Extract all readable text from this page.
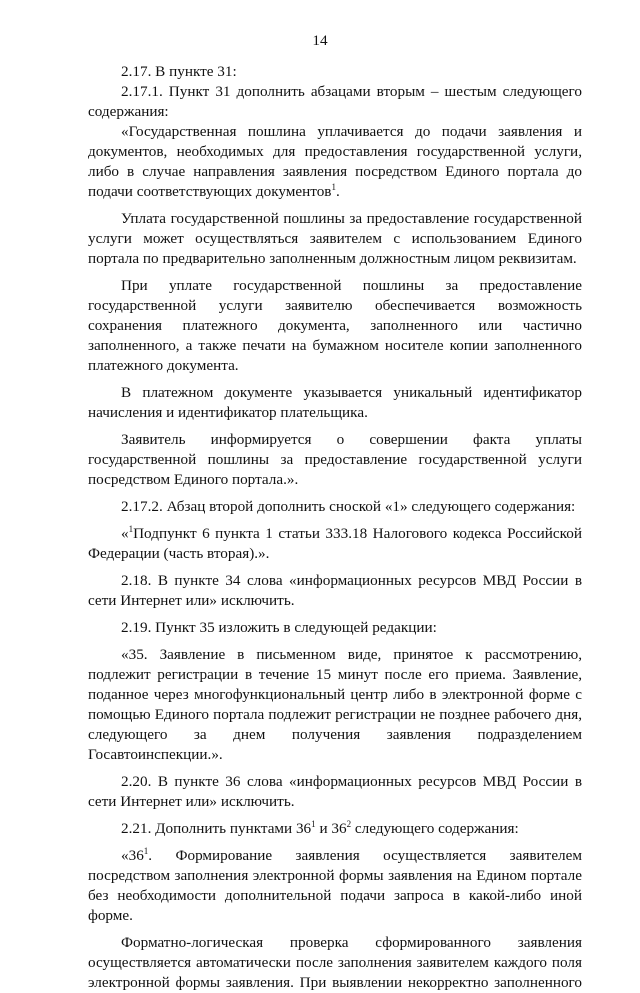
14

2.17. В пункте 31:

2.17.1. Пункт 31 дополнить абзацами вторым – шестым следующего содержания:

«Государственная пошлина уплачивается до подачи заявления и документов, необходимых для предоставления государственной услуги, либо в случае направления заявления посредством Единого портала до подачи соответствующих документов$^1$.

Уплата государственной пошлины за предоставление государственной услуги может осуществляться заявителем с использованием Единого портала по предварительно заполненным должностным лицом реквизитам.

При уплате государственной пошлины за предоставление государственной услуги заявителю обеспечивается возможность сохранения платежного документа, заполненного или частично заполненного, а также печати на бумажном носителе копии заполненного платежного документа.

В платежном документе указывается уникальный идентификатор начисления и идентификатор плательщика.

Заявитель информируется о совершении факта уплаты государственной пошлины за предоставление государственной услуги посредством Единого портала.».

2.17.2. Абзац второй дополнить сноской «1» следующего содержания:

«$^1$Подпункт 6 пункта 1 статьи 333.18 Налогового кодекса Российской Федерации (часть вторая).».

2.18. В пункте 34 слова «информационных ресурсов МВД России в сети Интернет или» исключить.

2.19. Пункт 35 изложить в следующей редакции:

«35. Заявление в письменном виде, принятое к рассмотрению, подлежит регистрации в течение 15 минут после его приема. Заявление, поданное через многофункциональный центр либо в электронной форме с помощью Единого портала подлежит регистрации не позднее рабочего дня, следующего за днем получения заявления подразделением Госавтоинспекции.».

2.20. В пункте 36 слова «информационных ресурсов МВД России в сети Интернет или» исключить.

2.21. Дополнить пунктами $36^1$ и $36^2$ следующего содержания:

«$36^1$. Формирование заявления осуществляется заявителем посредством заполнения электронной формы заявления на Едином портале без необходимости дополнительной подачи запроса в какой-либо иной форме.

Форматно-логическая проверка сформированного заявления осуществляется автоматически после заполнения заявителем каждого поля электронной формы заявления. При выявлении некорректно заполненного
